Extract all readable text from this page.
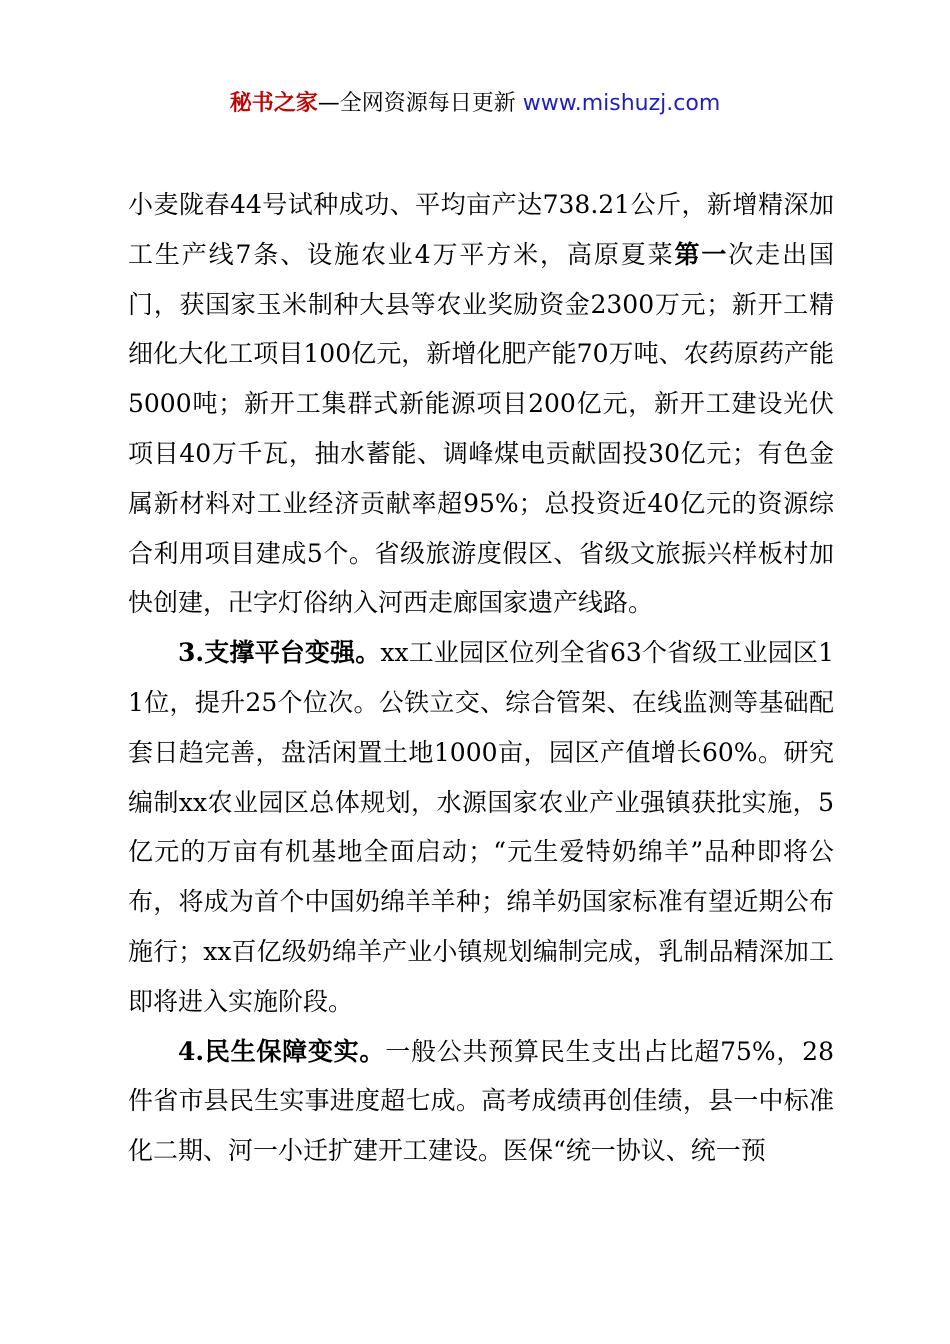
秘书之家—全网资源每日更新 www.mishuzj.com

小麦陇春44号试种成功、平均亩产达738.21公斤，新增精深加工生产线7条、设施农业4万平方米，高原夏菜第一次走出国门，获国家玉米制种大县等农业奖励资金2300万元；新开工精细化大化工项目100亿元，新增化肥产能70万吨、农药原药产能5000吨；新开工集群式新能源项目200亿元，新开工建设光伏项目40万千瓦，抽水蓄能、调峰煤电贡献固投30亿元；有色金属新材料对工业经济贡献率超95%；总投资近40亿元的资源综合利用项目建成5个。省级旅游度假区、省级文旅振兴样板村加快创建，卍字灯俗纳入河西走廊国家遗产线路。

3.支撑平台变强。xx工业园区位列全省63个省级工业园区11位，提升25个位次。公铁立交、综合管架、在线监测等基础配套日趋完善，盘活闲置土地1000亩，园区产值增长60%。研究编制xx农业园区总体规划，水源国家农业产业强镇获批实施，5亿元的万亩有机基地全面启动；“元生爱特奶绵羊”品种即将公布，将成为首个中国奶绵羊羊种；绵羊奶国家标准有望近期公布施行；xx百亿级奶绵羊产业小镇规划编制完成，乳制品精深加工即将进入实施阶段。

4.民生保障变实。一般公共预算民生支出占比超75%，28件省市县民生实事进度超七成。高考成绩再创佳绩，县一中标准化二期、河一小迁扩建开工建设。医保“统一协议、统一预
